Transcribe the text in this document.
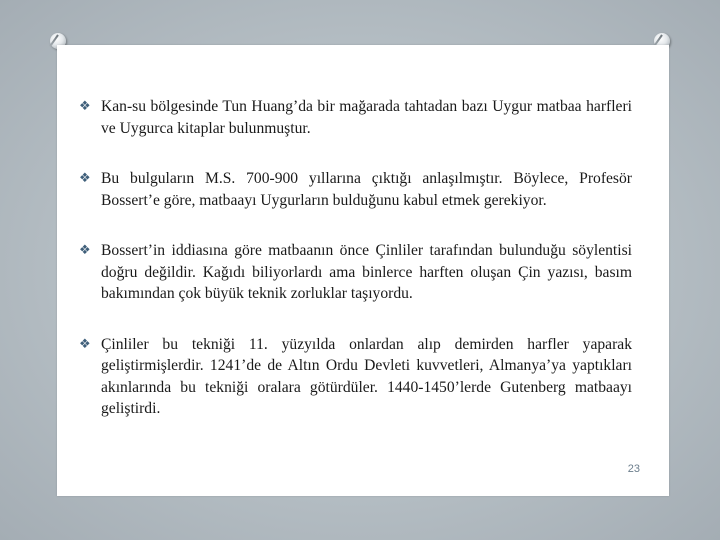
❖ Kan-su bölgesinde Tun Huang’da bir mağarada tahtadan bazı Uygur matbaa harfleri ve Uygurca kitaplar bulunmuştur.
❖ Bu bulguların M.S. 700-900 yıllarına çıktığı anlaşılmıştır. Böylece, Profesör Bossert’e göre, matbaayı Uygurların bulduğunu kabul etmek gerekiyor.
❖ Bossert’in iddiasına göre matbaanın önce Çinliler tarafından bulunduğu söylentisi doğru değildir. Kağıdı biliyorlardı ama binlerce harften oluşan Çin yazısı, basım bakımından çok büyük teknik zorluklar taşıyordu.
❖ Çinliler bu tekniği 11. yüzyılda onlardan alıp demirden harfler yaparak geliştirmişlerdir. 1241’de de Altın Ordu Devleti kuvvetleri, Almanya’ya yaptıkları akınlarında bu tekniği oralara götürdüler. 1440-1450’lerde Gutenberg matbaayı geliştirdi.
23
